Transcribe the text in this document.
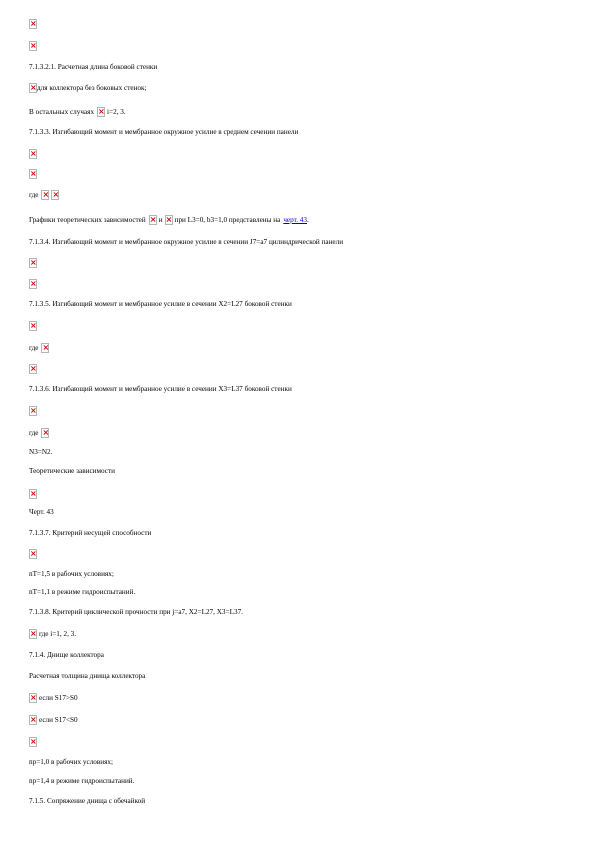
×
×
7.1.3.2.1. Расчетная длина боковой стенки
×
для коллектора без боковых стенок;
В остальных случаях × i=2, 3.
7.1.3.3. Изгибающий момент и мембранное окружное усилие в среднем сечении панели
×
×
где
×
×
Графики теоретических зависимостей × и × при L3=0, b3=1,0 представлены на черт. 43 .
7.1.3.4. Изгибающий момент и мембранное окружное усилие в сечении J7=a7 цилиндрической панели
×
×
7.1.3.5. Изгибающий момент и мембранное усилие в сечении X2=L27 боковой стенки
×
где
×
×
7.1.3.6. Изгибающий момент и мембранное усилие в сечении X3=L37 боковой стенки
×
где
×
N3=N2.
Теоретические зависимости
×
Черт. 43
7.1.3.7. Критерий несущей способности
×
nT=1,5 в рабочих условиях;
nT=1,1 в режиме гидроиспытаний.
7.1.3.8. Критерий циклической прочности при j=a7, X2=L27, X3=L37.
×
где i=1, 2, 3.
7.1.4. Днище коллектора
Расчетная толщина днища коллектора
×
если S17>S0
×
если S17<S0
×
np=1,0 в рабочих условиях;
np=1,4 в режиме гидроиспытаний.
7.1.5. Сопряжение днища с обечайкой
